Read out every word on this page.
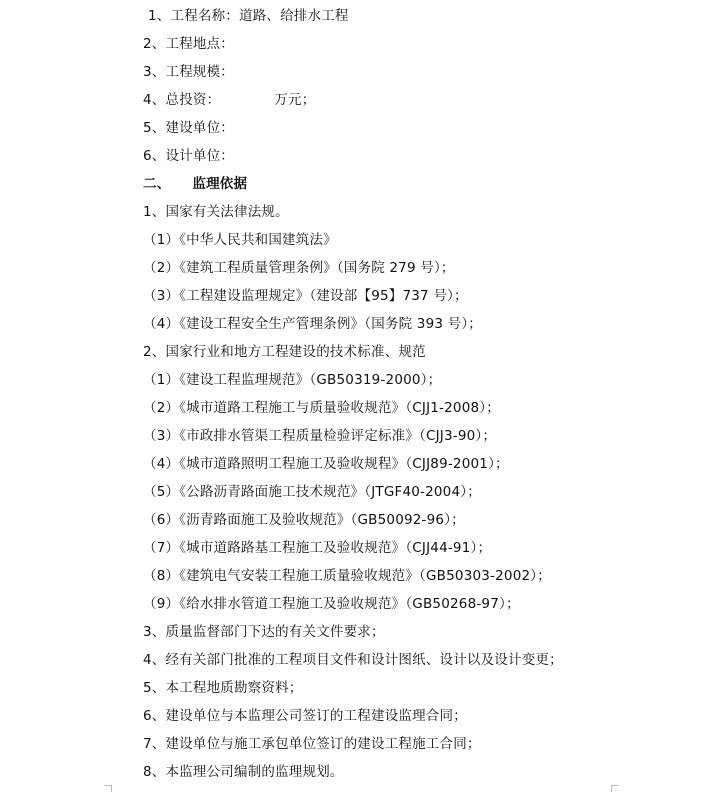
1、工程名称：道路、给排水工程
2、工程地点：
3、工程规模：
4、总投资：	万元；
5、建设单位：
6、设计单位：
二、 监理依据
1、国家有关法律法规。
（1）《中华人民共和国建筑法》
（2）《建筑工程质量管理条例》（国务院 279 号）；
（3）《工程建设监理规定》（建设部【95】737 号）；
（4）《建设工程安全生产管理条例》（国务院 393 号）；
2、国家行业和地方工程建设的技术标准、规范
（1）《建设工程监理规范》（GB50319-2000）；
（2）《城市道路工程施工与质量验收规范》（CJJ1-2008）；
（3）《市政排水管渠工程质量检验评定标准》（CJJ3-90）；
（4）《城市道路照明工程施工及验收规程》（CJJ89-2001）；
（5）《公路沥青路面施工技术规范》（JTGF40-2004）；
（6）《沥青路面施工及验收规范》（GB50092-96）；
（7）《城市道路路基工程施工及验收规范》（CJJ44-91）；
（8）《建筑电气安装工程施工质量验收规范》（GB50303-2002）；
（9）《给水排水管道工程施工及验收规范》（GB50268-97）；
3、质量监督部门下达的有关文件要求；
4、经有关部门批准的工程项目文件和设计图纸、设计以及设计变更；
5、本工程地质勘察资料；
6、建设单位与本监理公司签订的工程建设监理合同；
7、建设单位与施工承包单位签订的建设工程施工合同；
8、本监理公司编制的监理规划。
